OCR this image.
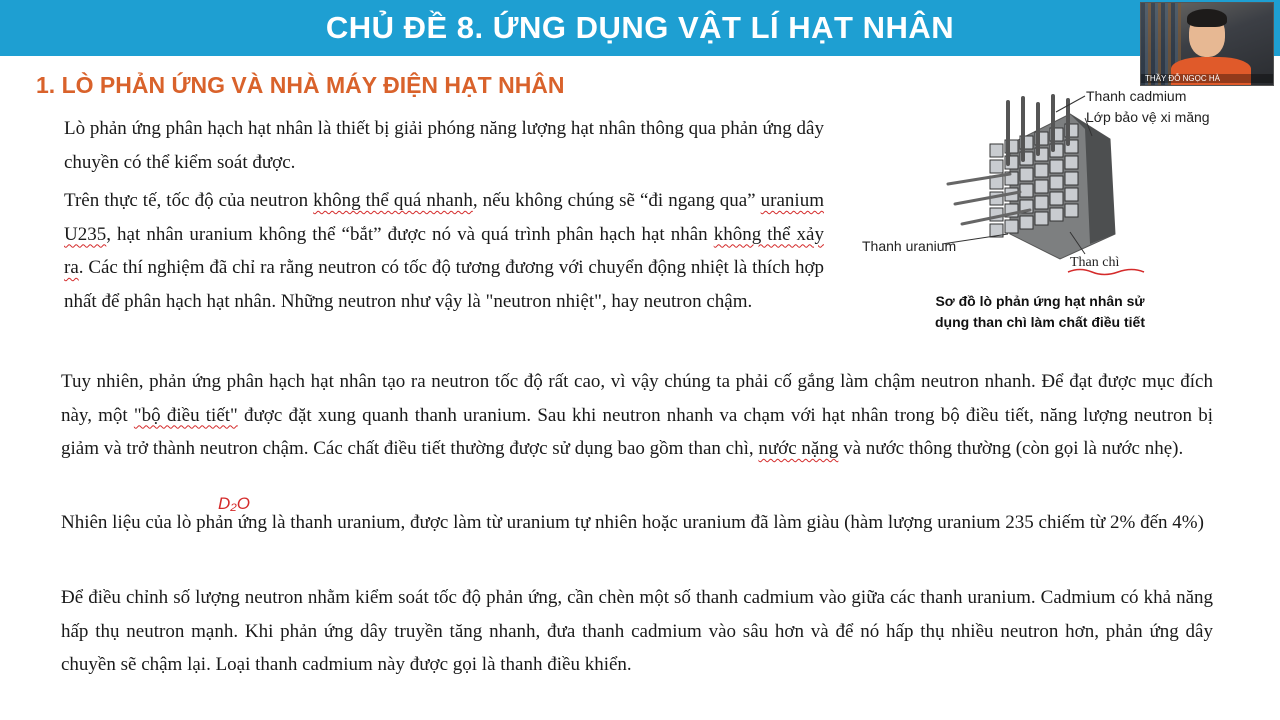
CHỦ ĐỀ 8. ỨNG DỤNG VẬT LÍ HẠT NHÂN
THẦY ĐỖ NGỌC HÀ
1. LÒ PHẢN ỨNG VÀ NHÀ MÁY ĐIỆN HẠT NHÂN
Lò phản ứng phân hạch hạt nhân là thiết bị giải phóng năng lượng hạt nhân thông qua phản ứng dây chuyền có thể kiểm soát được.
Trên thực tế, tốc độ của neutron không thể quá nhanh, nếu không chúng sẽ “đi ngang qua” uranium U235, hạt nhân uranium không thể “bắt” được nó và quá trình phân hạch hạt nhân không thể xảy ra. Các thí nghiệm đã chỉ ra rằng neutron có tốc độ tương đương với chuyển động nhiệt là thích hợp nhất để phân hạch hạt nhân. Những neutron như vậy là "neutron nhiệt", hay neutron chậm.
Thanh cadmium
Lớp bảo vệ xi măng
Thanh uranium
Than chì
Sơ đồ lò phản ứng hạt nhân sử
dụng than chì làm chất điều tiết
Tuy nhiên, phản ứng phân hạch hạt nhân tạo ra neutron tốc độ rất cao, vì vậy chúng ta phải cố gắng làm chậm neutron nhanh. Để đạt được mục đích này, một "bộ điều tiết" được đặt xung quanh thanh uranium. Sau khi neutron nhanh va chạm với hạt nhân trong bộ điều tiết, năng lượng neutron bị giảm và trở thành neutron chậm. Các chất điều tiết thường được sử dụng bao gồm than chì, nước nặng và nước thông thường (còn gọi là nước nhẹ).
D₂O
Nhiên liệu của lò phản ứng là thanh uranium, được làm từ uranium tự nhiên hoặc uranium đã làm giàu (hàm lượng uranium 235 chiếm từ 2% đến 4%)
Để điều chỉnh số lượng neutron nhằm kiểm soát tốc độ phản ứng, cần chèn một số thanh cadmium vào giữa các thanh uranium. Cadmium có khả năng hấp thụ neutron mạnh. Khi phản ứng dây truyền tăng nhanh, đưa thanh cadmium vào sâu hơn và để nó hấp thụ nhiều neutron hơn, phản ứng dây chuyền sẽ chậm lại. Loại thanh cadmium này được gọi là thanh điều khiển.
